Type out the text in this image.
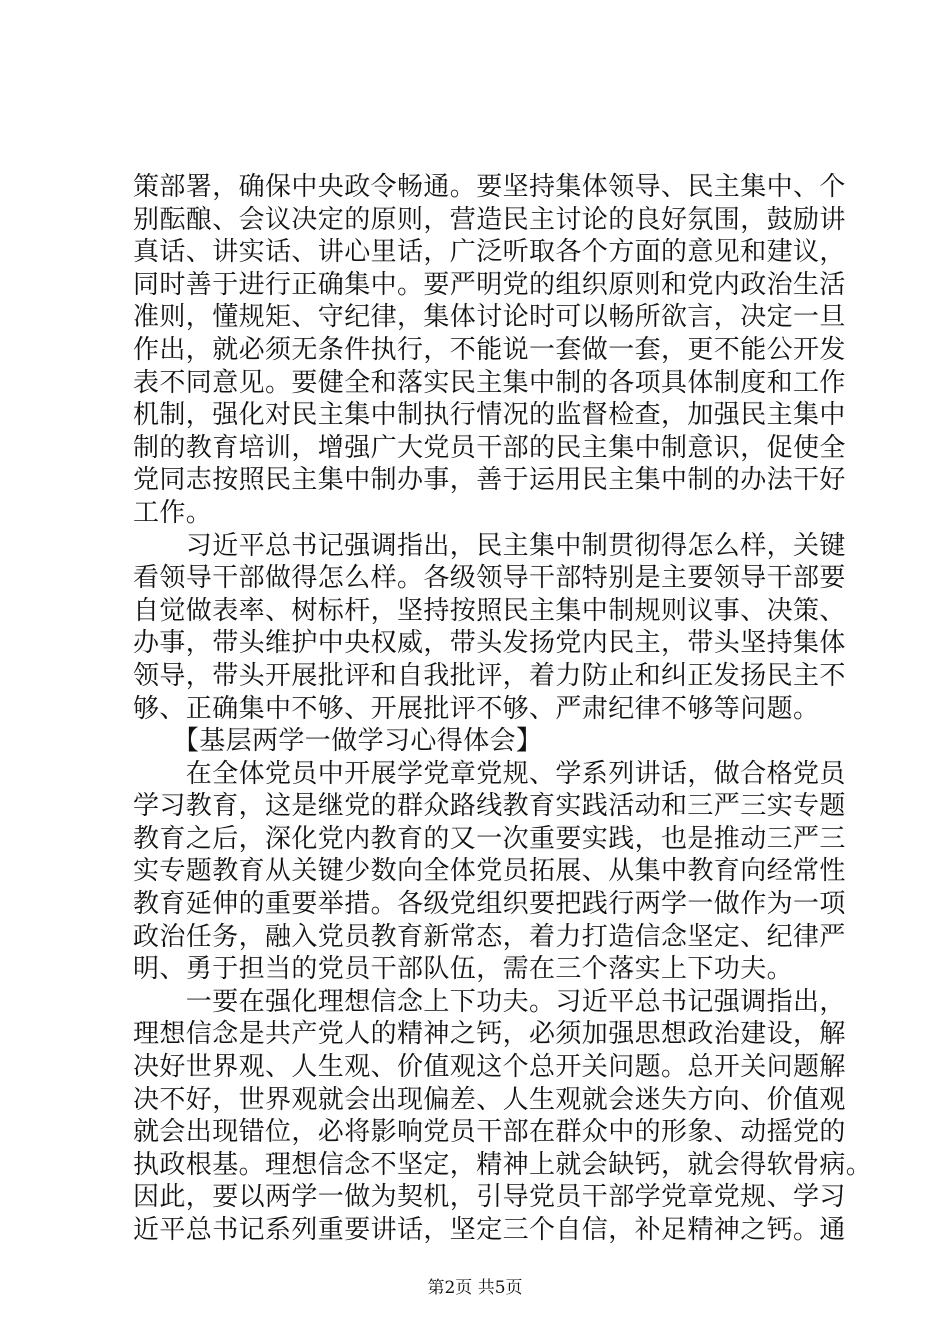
策部署，确保中央政令畅通。要坚持集体领导、民主集中、个
别酝酿、会议决定的原则，营造民主讨论的良好氛围，鼓励讲
真话、讲实话、讲心里话，广泛听取各个方面的意见和建议，
同时善于进行正确集中。要严明党的组织原则和党内政治生活
准则，懂规矩、守纪律，集体讨论时可以畅所欲言，决定一旦
作出，就必须无条件执行，不能说一套做一套，更不能公开发
表不同意见。要健全和落实民主集中制的各项具体制度和工作
机制，强化对民主集中制执行情况的监督检查，加强民主集中
制的教育培训，增强广大党员干部的民主集中制意识，促使全
党同志按照民主集中制办事，善于运用民主集中制的办法干好
工作。
　　习近平总书记强调指出，民主集中制贯彻得怎么样，关键
看领导干部做得怎么样。各级领导干部特别是主要领导干部要
自觉做表率、树标杆，坚持按照民主集中制规则议事、决策、
办事，带头维护中央权威，带头发扬党内民主，带头坚持集体
领导，带头开展批评和自我批评，着力防止和纠正发扬民主不
够、正确集中不够、开展批评不够、严肃纪律不够等问题。
　　【基层两学一做学习心得体会】
　　在全体党员中开展学党章党规、学系列讲话，做合格党员
学习教育，这是继党的群众路线教育实践活动和三严三实专题
教育之后，深化党内教育的又一次重要实践，也是推动三严三
实专题教育从关键少数向全体党员拓展、从集中教育向经常性
教育延伸的重要举措。各级党组织要把践行两学一做作为一项
政治任务，融入党员教育新常态，着力打造信念坚定、纪律严
明、勇于担当的党员干部队伍，需在三个落实上下功夫。
　　一要在强化理想信念上下功夫。习近平总书记强调指出，
理想信念是共产党人的精神之钙，必须加强思想政治建设，解
决好世界观、人生观、价值观这个总开关问题。总开关问题解
决不好，世界观就会出现偏差、人生观就会迷失方向、价值观
就会出现错位，必将影响党员干部在群众中的形象、动摇党的
执政根基。理想信念不坚定，精神上就会缺钙，就会得软骨病。
因此，要以两学一做为契机，引导党员干部学党章党规、学习
近平总书记系列重要讲话，坚定三个自信，补足精神之钙。通
第2页 共5页
